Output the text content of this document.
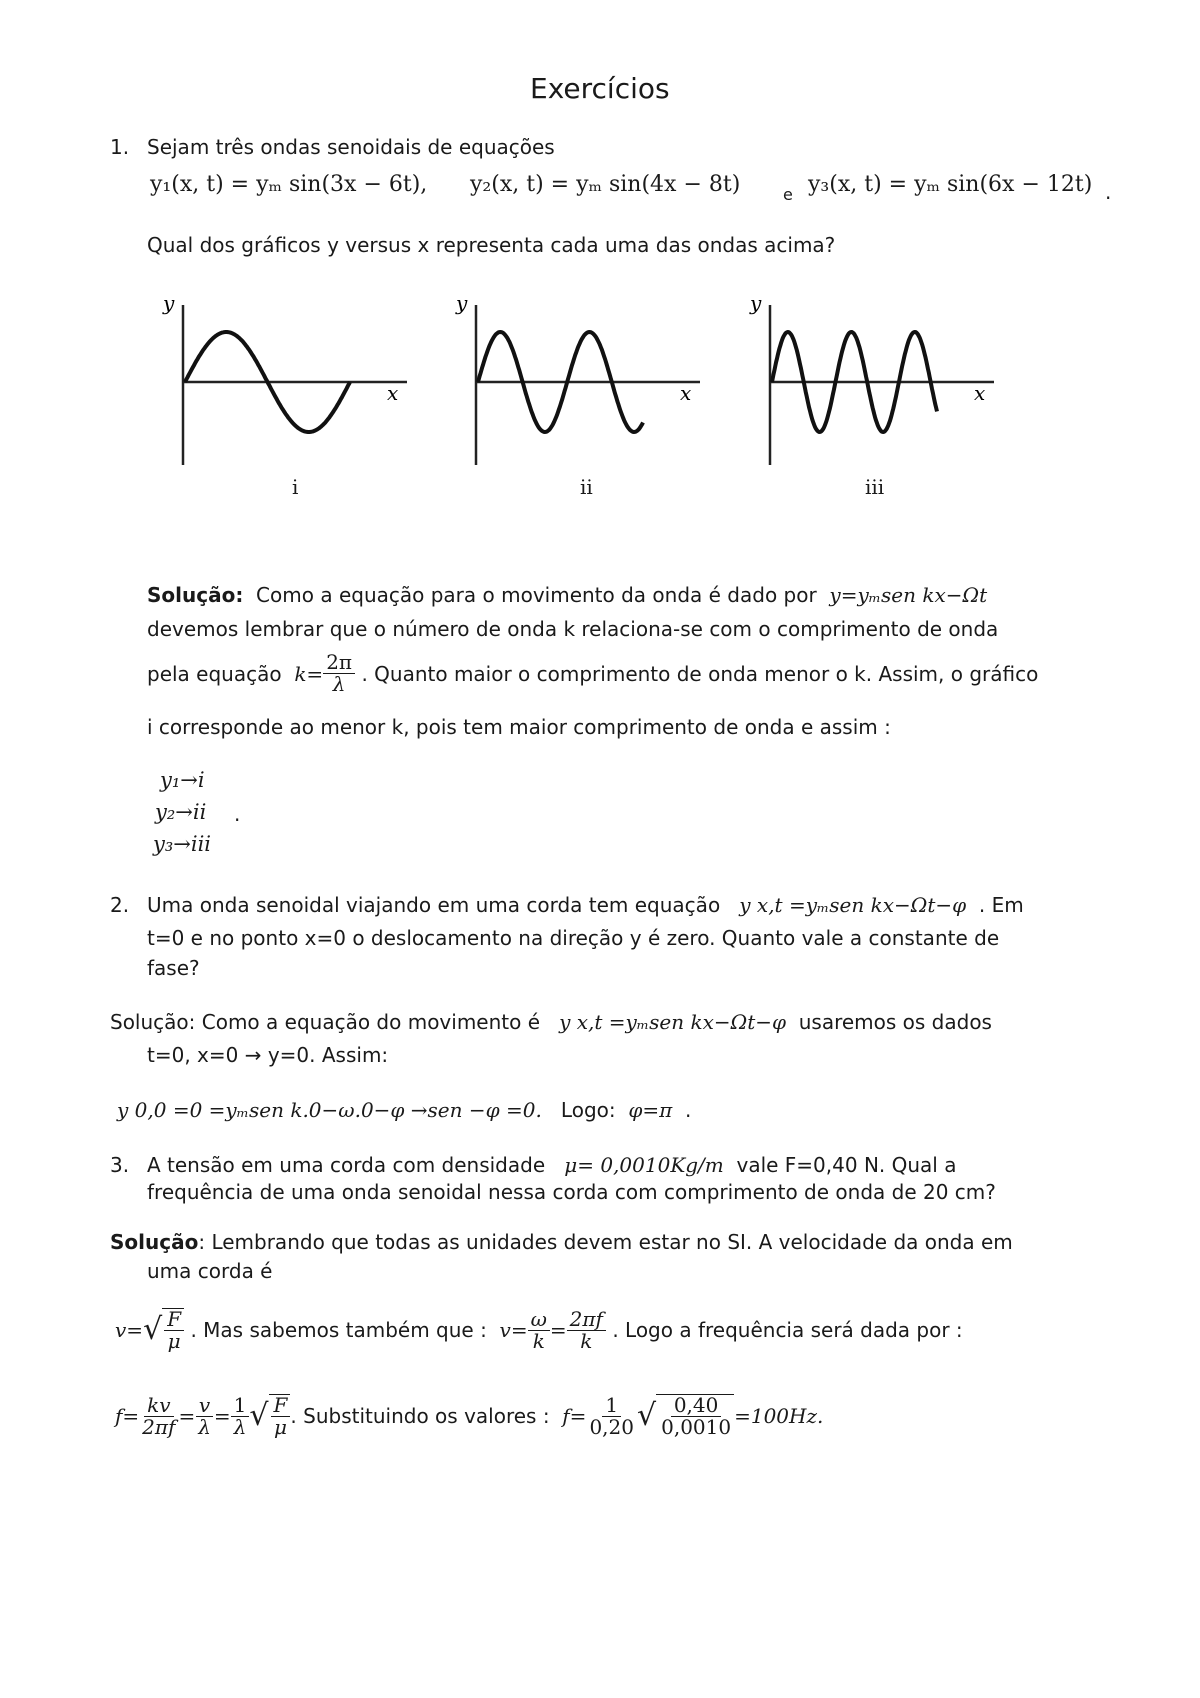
Exercícios
1. Sejam três ondas senoidais de equações
y₁(x, t) = yₘ sin(3x − 6t), y₂(x, t) = yₘ sin(4x − 8t)	e y₃(x, t) = yₘ sin(6x − 12t) .
Qual dos gráficos y versus x representa cada uma das ondas acima?
y
x
i
y
x
ii
y
x
iii
Solução: Como a equação para o movimento da onda é dado por y=yₘsen kx−Ωt
devemos lembrar que o número de onda k relaciona-se com o comprimento de onda
pela equação
$k= \frac{2\pi}{\lambda}$
. Quanto maior o comprimento de onda menor o k. Assim, o gráfico
i corresponde ao menor k, pois tem maior comprimento de onda e assim :
y₁→i
y₂→ii .
y₃→iii
2. Uma onda senoidal viajando em uma corda tem equação y x,t =yₘsen kx−Ωt−φ . Em
t=0 e no ponto x=0 o deslocamento na direção y é zero. Quanto vale a constante de
fase?
Solução: Como a equação do movimento é y x,t =yₘsen kx−Ωt−φ usaremos os dados
t=0, x=0 → y=0. Assim:
y 0,0 =0 =yₘsen k.0−ω.0−φ →sen −φ =0. Logo: φ=π .
3. A tensão em uma corda com densidade μ= 0,0010Kg/m vale F=0,40 N. Qual a
frequência de uma onda senoidal nessa corda com comprimento de onda de 20 cm?
Solução: Lembrando que todas as unidades devem estar no SI. A velocidade da onda em
uma corda é
v= √ $\frac{F}{\mu}$
. Mas sabemos também que :
$v= \frac{\omega}{k} = \frac{2\pi f}{k}$
. Logo a frequência será dada por :
$f= \frac{kv}{2\pi f} = \frac{v}{\lambda} = \frac{1}{\lambda}$ √ $\frac{F}{\mu}$ . Substituindo os valores :
$f= \frac{1}{0,20}$ √ $\frac{0,40}{0,0010} =100Hz$.
